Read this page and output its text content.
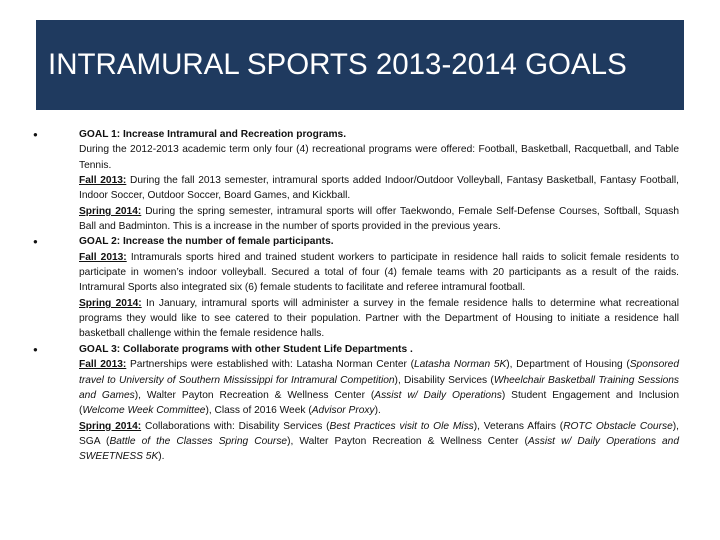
INTRAMURAL SPORTS 2013-2014 GOALS
●	GOAL 1: Increase Intramural and Recreation programs.
During the 2012-2013 academic term only four (4) recreational programs were offered: Football, Basketball, Racquetball, and Table Tennis.
Fall 2013: During the fall 2013 semester, intramural sports added Indoor/Outdoor Volleyball, Fantasy Basketball, Fantasy Football, Indoor Soccer, Outdoor Soccer, Board Games, and Kickball.
Spring 2014: During the spring semester, intramural sports will offer Taekwondo, Female Self-Defense Courses, Softball, Squash Ball and Badminton. This is a increase in the number of sports provided in the previous years.
●	GOAL 2: Increase the number of female participants.
Fall 2013: Intramurals sports hired and trained student workers to participate in residence hall raids to solicit female residents to participate in women’s indoor volleyball. Secured a total of four (4) female teams with 20 participants as a result of the raids. Intramural Sports also integrated six (6) female students to facilitate and referee intramural football.
Spring 2014: In January, intramural sports will administer a survey in the female residence halls to determine what recreational programs they would like to see catered to their population. Partner with the Department of Housing to initiate a residence hall basketball challenge within the female residence halls.
●	GOAL 3: Collaborate programs with other Student Life Departments .
Fall 2013: Partnerships were established with: Latasha Norman Center (Latasha Norman 5K), Department of Housing (Sponsored travel to University of Southern Mississippi for Intramural Competition), Disability Services (Wheelchair Basketball Training Sessions and Games), Walter Payton Recreation & Wellness Center (Assist w/ Daily Operations) Student Engagement and Inclusion (Welcome Week Committee), Class of 2016 Week (Advisor Proxy).
Spring 2014: Collaborations with: Disability Services (Best Practices visit to Ole Miss), Veterans Affairs (ROTC Obstacle Course), SGA (Battle of the Classes Spring Course), Walter Payton Recreation & Wellness Center (Assist w/ Daily Operations and SWEETNESS 5K).
